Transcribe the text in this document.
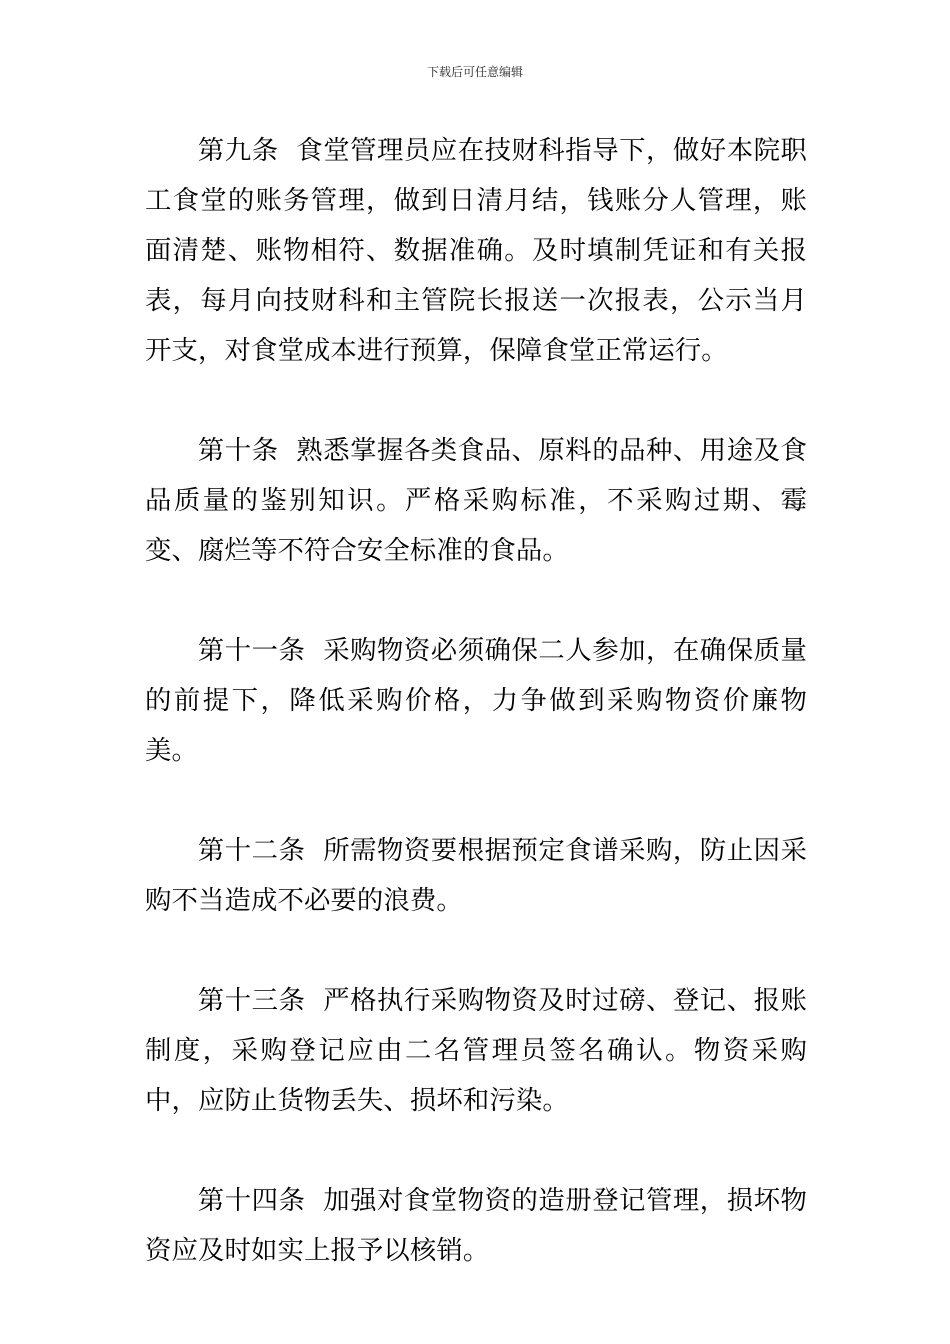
下载后可任意编辑

第九条 食堂管理员应在技财科指导下，做好本院职工食堂的账务管理，做到日清月结，钱账分人管理，账面清楚、账物相符、数据准确。及时填制凭证和有关报表，每月向技财科和主管院长报送一次报表，公示当月开支，对食堂成本进行预算，保障食堂正常运行。

第十条 熟悉掌握各类食品、原料的品种、用途及食品质量的鉴别知识。严格采购标准，不采购过期、霉变、腐烂等不符合安全标准的食品。

第十一条 采购物资必须确保二人参加，在确保质量的前提下，降低采购价格，力争做到采购物资价廉物美。

第十二条 所需物资要根据预定食谱采购，防止因采购不当造成不必要的浪费。

第十三条 严格执行采购物资及时过磅、登记、报账制度，采购登记应由二名管理员签名确认。物资采购中，应防止货物丢失、损坏和污染。

第十四条 加强对食堂物资的造册登记管理，损坏物资应及时如实上报予以核销。
